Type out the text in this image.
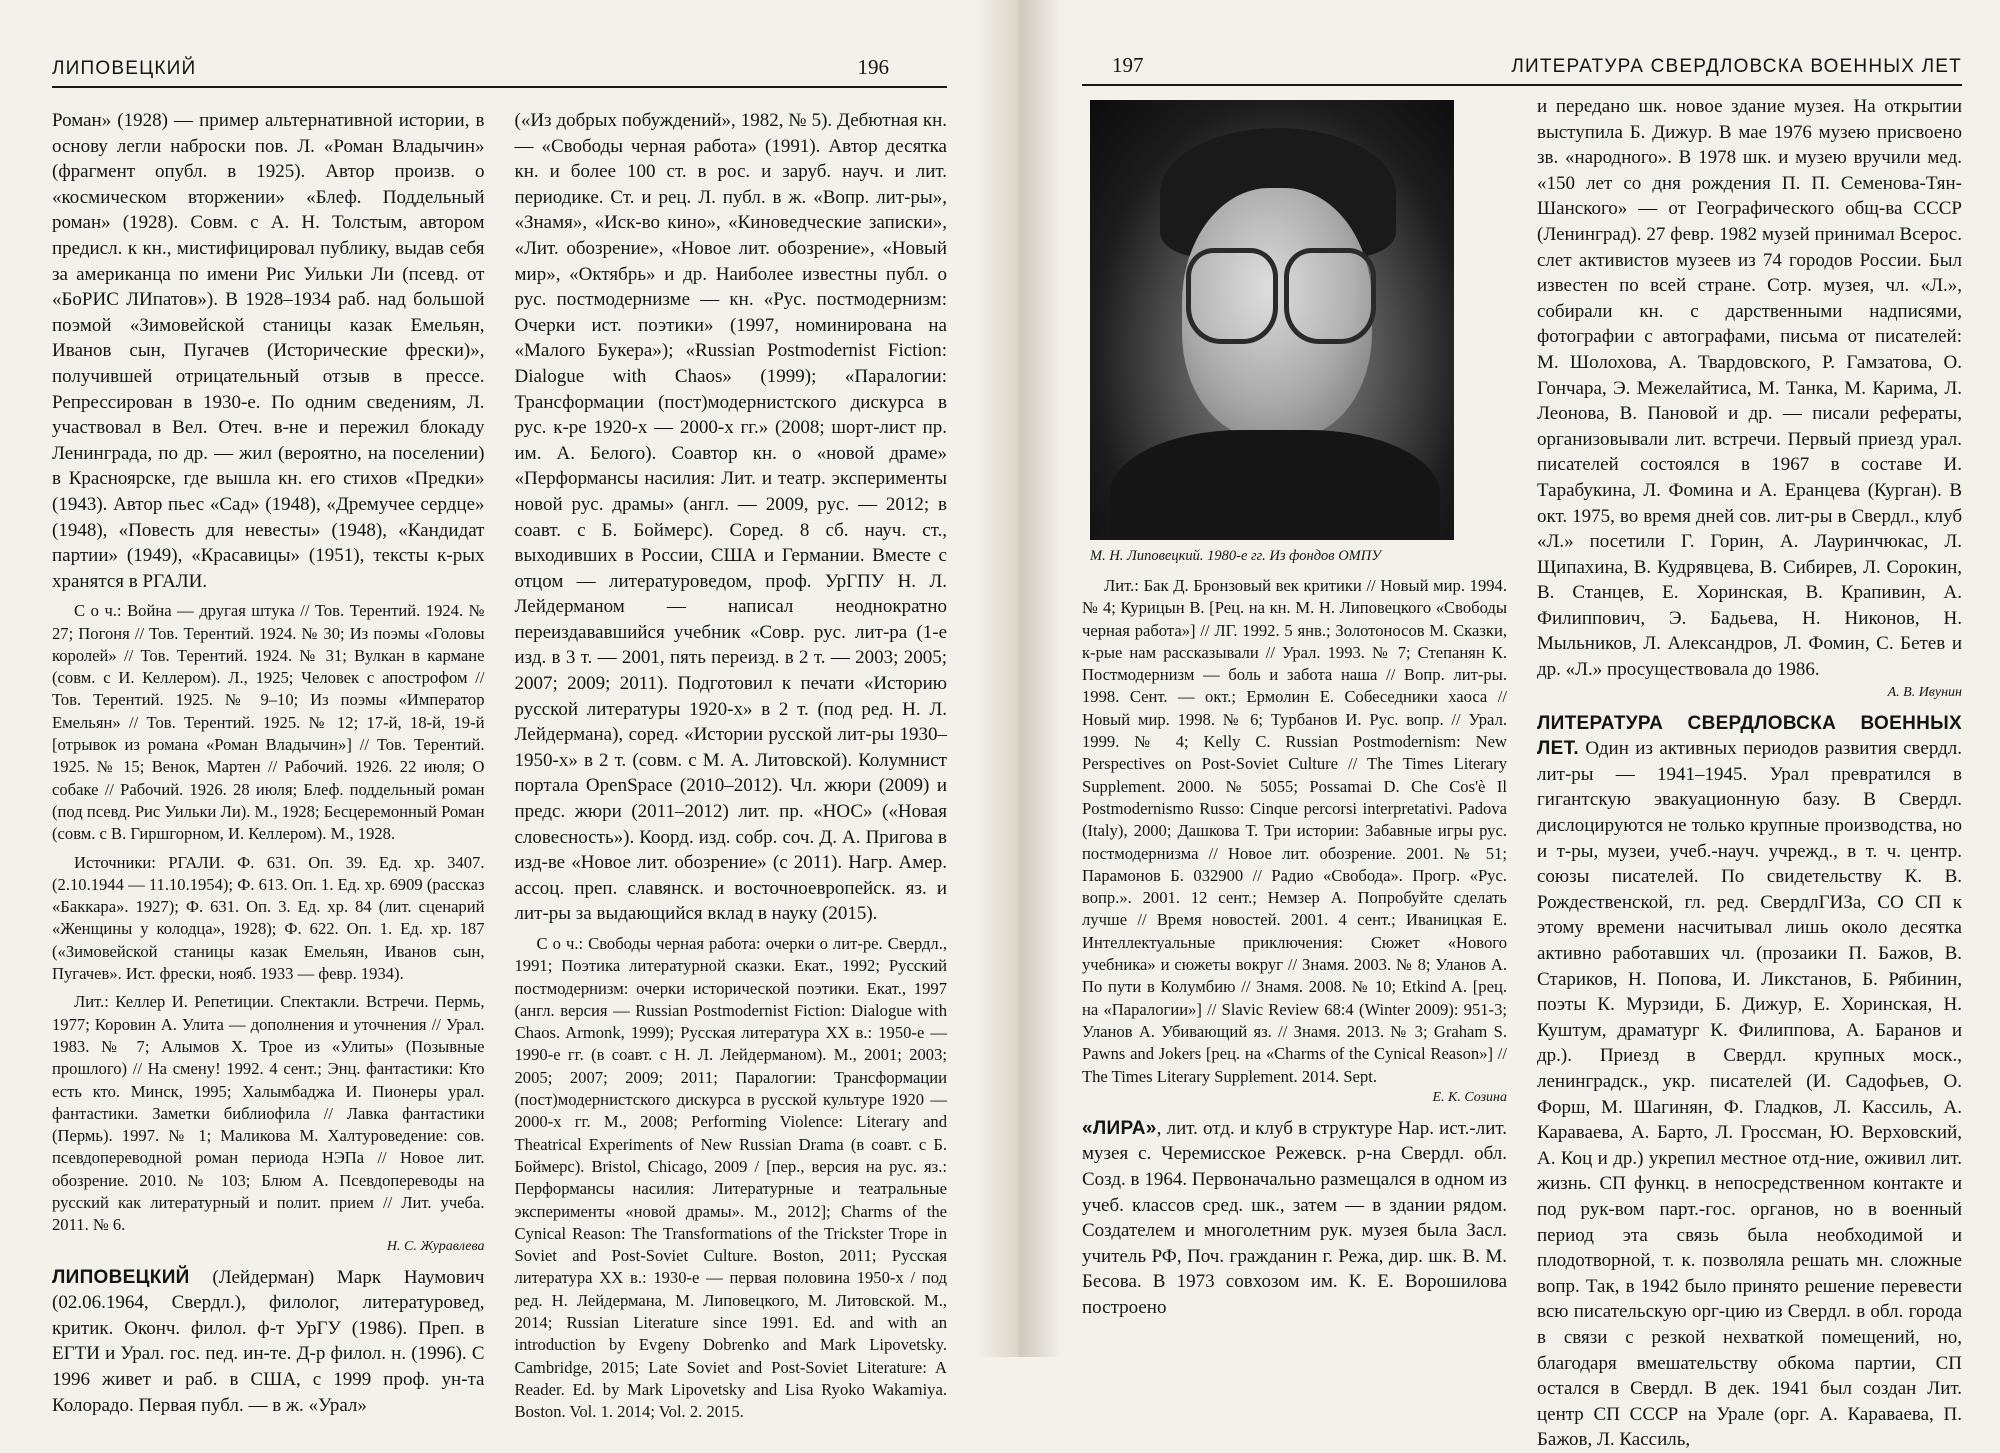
ЛИПОВЕЦКИЙ	196

Роман» (1928) — пример альтернативной истории, в основу легли наброски пов. Л. «Роман Владычин» (фрагмент опубл. в 1925). Автор произв. о «космическом вторжении» «Блеф. Поддельный роман» (1928). Совм. с А. Н. Толстым, автором предисл. к кн., мистифицировал публику, выдав себя за американца по имени Рис Уильки Ли (псевд. от «БоРИС ЛИпатов»). В 1928–1934 раб. над большой поэмой «Зимовейской станицы казак Емельян, Иванов сын, Пугачев (Исторические фрески)», получившей отрицательный отзыв в прессе. Репрессирован в 1930-е. По одним сведениям, Л. участвовал в Вел. Отеч. в-не и пережил блокаду Ленинграда, по др. — жил (вероятно, на поселении) в Красноярске, где вышла кн. его стихов «Предки» (1943). Автор пьес «Сад» (1948), «Дремучее сердце» (1948), «Повесть для невесты» (1948), «Кандидат партии» (1949), «Красавицы» (1951), тексты к-рых хранятся в РГАЛИ.

С о ч.: Война — другая штука // Тов. Терентий. 1924. № 27; Погоня // Тов. Терентий. 1924. № 30; Из поэмы «Головы королей» // Тов. Терентий. 1924. № 31; Вулкан в кармане (совм. с И. Келлером). Л., 1925; Человек с апострофом // Тов. Терентий. 1925. № 9–10; Из поэмы «Император Емельян» // Тов. Терентий. 1925. № 12; 17-й, 18-й, 19-й [отрывок из романа «Роман Владычин»] // Тов. Терентий. 1925. № 15; Венок, Мартен // Рабочий. 1926. 22 июля; О собаке // Рабочий. 1926. 28 июля; Блеф. поддельный роман (под псевд. Рис Уильки Ли). М., 1928; Бесцеремонный Роман (совм. с В. Гиршгорном, И. Келлером). М., 1928.

Источники: РГАЛИ. Ф. 631. Оп. 39. Ед. хр. 3407. (2.10.1944 — 11.10.1954); Ф. 613. Оп. 1. Ед. хр. 6909 (рассказ «Баккара». 1927); Ф. 631. Оп. 3. Ед. хр. 84 (лит. сценарий «Женщины у колодца», 1928); Ф. 622. Оп. 1. Ед. хр. 187 («Зимовейской станицы казак Емельян, Иванов сын, Пугачев». Ист. фрески, нояб. 1933 — февр. 1934).

Лит.: Келлер И. Репетиции. Спектакли. Встречи. Пермь, 1977; Коровин А. Улита — дополнения и уточнения // Урал. 1983. № 7; Алымов Х. Трое из «Улиты» (Позывные прошлого) // На смену! 1992. 4 сент.; Энц. фантастики: Кто есть кто. Минск, 1995; Халымбаджа И. Пионеры урал. фантастики. Заметки библиофила // Лавка фантастики (Пермь). 1997. № 1; Маликова М. Халтуроведение: сов. псевдопереводной роман периода НЭПа // Новое лит. обозрение. 2010. № 103; Блюм А. Псевдопереводы на русский как литературный и полит. прием // Лит. учеба. 2011. № 6.

Н. С. Журавлева

ЛИПОВЕЦКИЙ (Лейдерман) Марк Наумович (02.06.1964, Свердл.), филолог, литературовед, критик. Оконч. филол. ф-т УрГУ (1986). Преп. в ЕГТИ и Урал. гос. пед. ин-те. Д-р филол. н. (1996). С 1996 живет и раб. в США, с 1999 проф. ун-та Колорадо. Первая публ. — в ж. «Урал»

(«Из добрых побуждений», 1982, № 5). Дебютная кн. — «Свободы черная работа» (1991). Автор десятка кн. и более 100 ст. в рос. и заруб. науч. и лит. периодике. Ст. и рец. Л. публ. в ж. «Вопр. лит-ры», «Знамя», «Иск-во кино», «Киноведческие записки», «Лит. обозрение», «Новое лит. обозрение», «Новый мир», «Октябрь» и др. Наиболее известны публ. о рус. постмодернизме — кн. «Рус. постмодернизм: Очерки ист. поэтики» (1997, номинирована на «Малого Букера»); «Russian Postmodernist Fiction: Dialogue with Chaos» (1999); «Паралогии: Трансформации (пост)модернистского дискурса в рус. к-ре 1920-х — 2000-х гг.» (2008; шорт-лист пр. им. А. Белого). Соавтор кн. о «новой драме» «Перформансы насилия: Лит. и театр. эксперименты новой рус. драмы» (англ. — 2009, рус. — 2012; в соавт. с Б. Боймерс). Соред. 8 сб. науч. ст., выходивших в России, США и Германии. Вместе с отцом — литературоведом, проф. УрГПУ Н. Л. Лейдерманом — написал неоднократно переиздававшийся учебник «Совр. рус. лит-ра (1-е изд. в 3 т. — 2001, пять переизд. в 2 т. — 2003; 2005; 2007; 2009; 2011). Подготовил к печати «Историю русской литературы 1920-х» в 2 т. (под ред. Н. Л. Лейдермана), соред. «Истории русской лит-ры 1930–1950-х» в 2 т. (совм. с М. А. Литовской). Колумнист портала OpenSpace (2010–2012). Чл. жюри (2009) и предс. жюри (2011–2012) лит. пр. «НОС» («Новая словесность»). Коорд. изд. собр. соч. Д. А. Пригова в изд-ве «Новое лит. обозрение» (с 2011). Нагр. Амер. ассоц. преп. славянск. и восточноевропейск. яз. и лит-ры за выдающийся вклад в науку (2015).

С о ч.: Свободы черная работа: очерки о лит-ре. Свердл., 1991; Поэтика литературной сказки. Екат., 1992; Русский постмодернизм: очерки исторической поэтики. Екат., 1997 (англ. версия — Russian Postmodernist Fiction: Dialogue with Chaos. Armonk, 1999); Русская литература XX в.: 1950-е — 1990-е гг. (в соавт. с Н. Л. Лейдерманом). М., 2001; 2003; 2005; 2007; 2009; 2011; Паралогии: Трансформации (пост)модернистского дискурса в русской культуре 1920 — 2000-х гг. М., 2008; Performing Violence: Literary and Theatrical Experiments of New Russian Drama (в соавт. с Б. Боймерс). Bristol, Chicago, 2009 / [пер., версия на рус. яз.: Перформансы насилия: Литературные и театральные эксперименты «новой драмы». М., 2012]; Charms of the Cynical Reason: The Transformations of the Trickster Trope in Soviet and Post-Soviet Culture. Boston, 2011; Русская литература XX в.: 1930-е — первая половина 1950-х / под ред. Н. Лейдермана, М. Липовецкого, М. Литовской. М., 2014; Russian Literature since 1991. Ed. and with an introduction by Evgeny Dobrenko and Mark Lipovetsky. Cambridge, 2015; Late Soviet and Post-Soviet Literature: A Reader. Ed. by Mark Lipovetsky and Lisa Ryoko Wakamiya. Boston. Vol. 1. 2014; Vol. 2. 2015.

197	ЛИТЕРАТУРА СВЕРДЛОВСКА ВОЕННЫХ ЛЕТ
М. Н. Липовецкий. 1980-е гг. Из фондов ОМПУ

Лит.: Бак Д. Бронзовый век критики // Новый мир. 1994. № 4; Курицын В. [Рец. на кн. М. Н. Липовецкого «Свободы черная работа»] // ЛГ. 1992. 5 янв.; Золотоносов М. Сказки, к-рые нам рассказывали // Урал. 1993. № 7; Степанян К. Постмодернизм — боль и забота наша // Вопр. лит-ры. 1998. Сент. — окт.; Ермолин Е. Собеседники хаоса // Новый мир. 1998. № 6; Турбанов И. Рус. вопр. // Урал. 1999. № 4; Kelly C. Russian Postmodernism: New Perspectives on Post-Soviet Culture // The Times Literary Supplement. 2000. № 5055; Possamai D. Che Cos'è Il Postmodernismo Russo: Cinque percorsi interpretativi. Padova (Italy), 2000; Дашкова Т. Три истории: Забавные игры рус. постмодернизма // Новое лит. обозрение. 2001. № 51; Парамонов Б. 032900 // Радио «Свобода». Прогр. «Рус. вопр.». 2001. 12 сент.; Немзер А. Попробуйте сделать лучше // Время новостей. 2001. 4 сент.; Иваницкая Е. Интеллектуальные приключения: Сюжет «Нового учебника» и сюжеты вокруг // Знамя. 2003. № 8; Уланов А. По пути в Колумбию // Знамя. 2008. № 10; Etkind A. [рец. на «Паралогии»] // Slavic Review 68:4 (Winter 2009): 951-3; Уланов А. Убивающий яз. // Знамя. 2013. № 3; Graham S. Pawns and Jokers [рец. на «Charms of the Cynical Reason»] // The Times Literary Supplement. 2014. Sept.

Е. К. Созина

«ЛИРА», лит. отд. и клуб в структуре Нар. ист.-лит. музея с. Черемисское Режевск. р-на Свердл. обл. Созд. в 1964. Первоначально размещался в одном из учеб. классов сред. шк., затем — в здании рядом. Создателем и многолетним рук. музея была Засл. учитель РФ, Поч. гражданин г. Режа, дир. шк. В. М. Бесова. В 1973 совхозом им. К. Е. Ворошилова построено

и передано шк. новое здание музея. На открытии выступила Б. Дижур. В мае 1976 музею присвоено зв. «народного». В 1978 шк. и музею вручили мед. «150 лет со дня рождения П. П. Семенова-Тян-Шанского» — от Географического общ-ва СССР (Ленинград). 27 февр. 1982 музей принимал Всерос. слет активистов музеев из 74 городов России. Был известен по всей стране. Сотр. музея, чл. «Л.», собирали кн. с дарственными надписями, фотографии с автографами, письма от писателей: М. Шолохова, А. Твардовского, Р. Гамзатова, О. Гончара, Э. Межелайтиса, М. Танка, М. Карима, Л. Леонова, В. Пановой и др. — писали рефераты, организовывали лит. встречи. Первый приезд урал. писателей состоялся в 1967 в составе И. Тарабукина, Л. Фомина и А. Еранцева (Курган). В окт. 1975, во время дней сов. лит-ры в Свердл., клуб «Л.» посетили Г. Горин, А. Лауринчюкас, Л. Щипахина, В. Кудрявцева, В. Сибирев, Л. Сорокин, В. Станцев, Е. Хоринская, В. Крапивин, А. Филиппович, Э. Бадьева, Н. Никонов, Н. Мыльников, Л. Александров, Л. Фомин, С. Бетев и др. «Л.» просуществовала до 1986.

А. В. Ивунин

ЛИТЕРАТУРА СВЕРДЛОВСКА ВОЕННЫХ ЛЕТ. Один из активных периодов развития свердл. лит-ры — 1941–1945. Урал превратился в гигантскую эвакуационную базу. В Свердл. дислоцируются не только крупные производства, но и т-ры, музеи, учеб.-науч. учрежд., в т. ч. центр. союзы писателей. По свидетельству К. В. Рождественской, гл. ред. СвердлГИЗа, СО СП к этому времени насчитывал лишь около десятка активно работавших чл. (прозаики П. Бажов, В. Стариков, Н. Попова, И. Ликстанов, Б. Рябинин, поэты К. Мурзиди, Б. Дижур, Е. Хоринская, Н. Куштум, драматург К. Филиппова, А. Баранов и др.). Приезд в Свердл. крупных моск., ленинградск., укр. писателей (И. Садофьев, О. Форш, М. Шагинян, Ф. Гладков, Л. Кассиль, А. Караваева, А. Барто, Л. Гроссман, Ю. Верховский, А. Коц и др.) укрепил местное отд-ние, оживил лит. жизнь. СП функц. в непосредственном контакте и под рук-вом парт.-гос. органов, но в военный период эта связь была необходимой и плодотворной, т. к. позволяла решать мн. сложные вопр. Так, в 1942 было принято решение перевести всю писательскую орг-цию из Свердл. в обл. города в связи с резкой нехваткой помещений, но, благодаря вмешательству обкома партии, СП остался в Свердл. В дек. 1941 был создан Лит. центр СП СССР на Урале (орг. А. Караваева, П. Бажов, Л. Кассиль,
